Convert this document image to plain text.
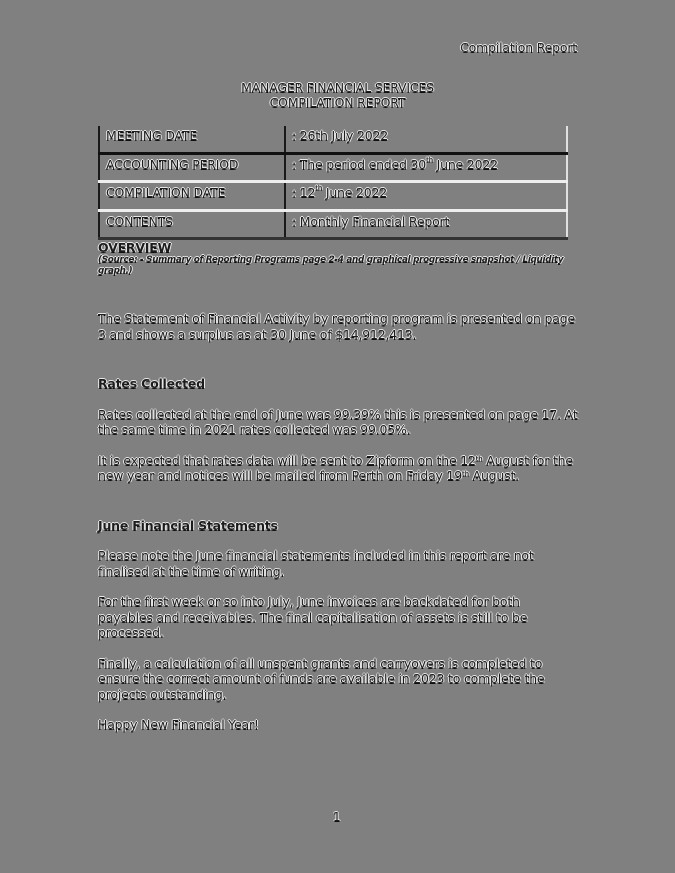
Compilation Report
MANAGER FINANCIAL SERVICES
COMPILATION REPORT
MEETING DATE	: 26th July 2022
ACCOUNTING PERIOD	: The period ended 30th June 2022
COMPILATION DATE	: 12th June 2022
CONTENTS	: Monthly Financial Report

OVERVIEW

(Source: - Summary of Reporting Programs page 2-4 and graphical progressive snapshot / Liquidity graph.)

The Statement of Financial Activity by reporting program is presented on page 3 and shows a surplus as at 30 June of $14,912,413.

Rates Collected

Rates collected at the end of June was 99.39% this is presented on page 17. At the same time in 2021 rates collected was 99.05%.

It is expected that rates data will be sent to Zipform on the 12th August for the new year and notices will be mailed from Perth on Friday 19th August.

June Financial Statements

Please note the June financial statements included in this report are not finalised at the time of writing.

For the first week or so into July, June invoices are backdated for both payables and receivables. The final capitalisation of assets is still to be processed.

Finally, a calculation of all unspent grants and carryovers is completed to ensure the correct amount of funds are available in 2023 to complete the projects outstanding.

Happy New Financial Year!

1
